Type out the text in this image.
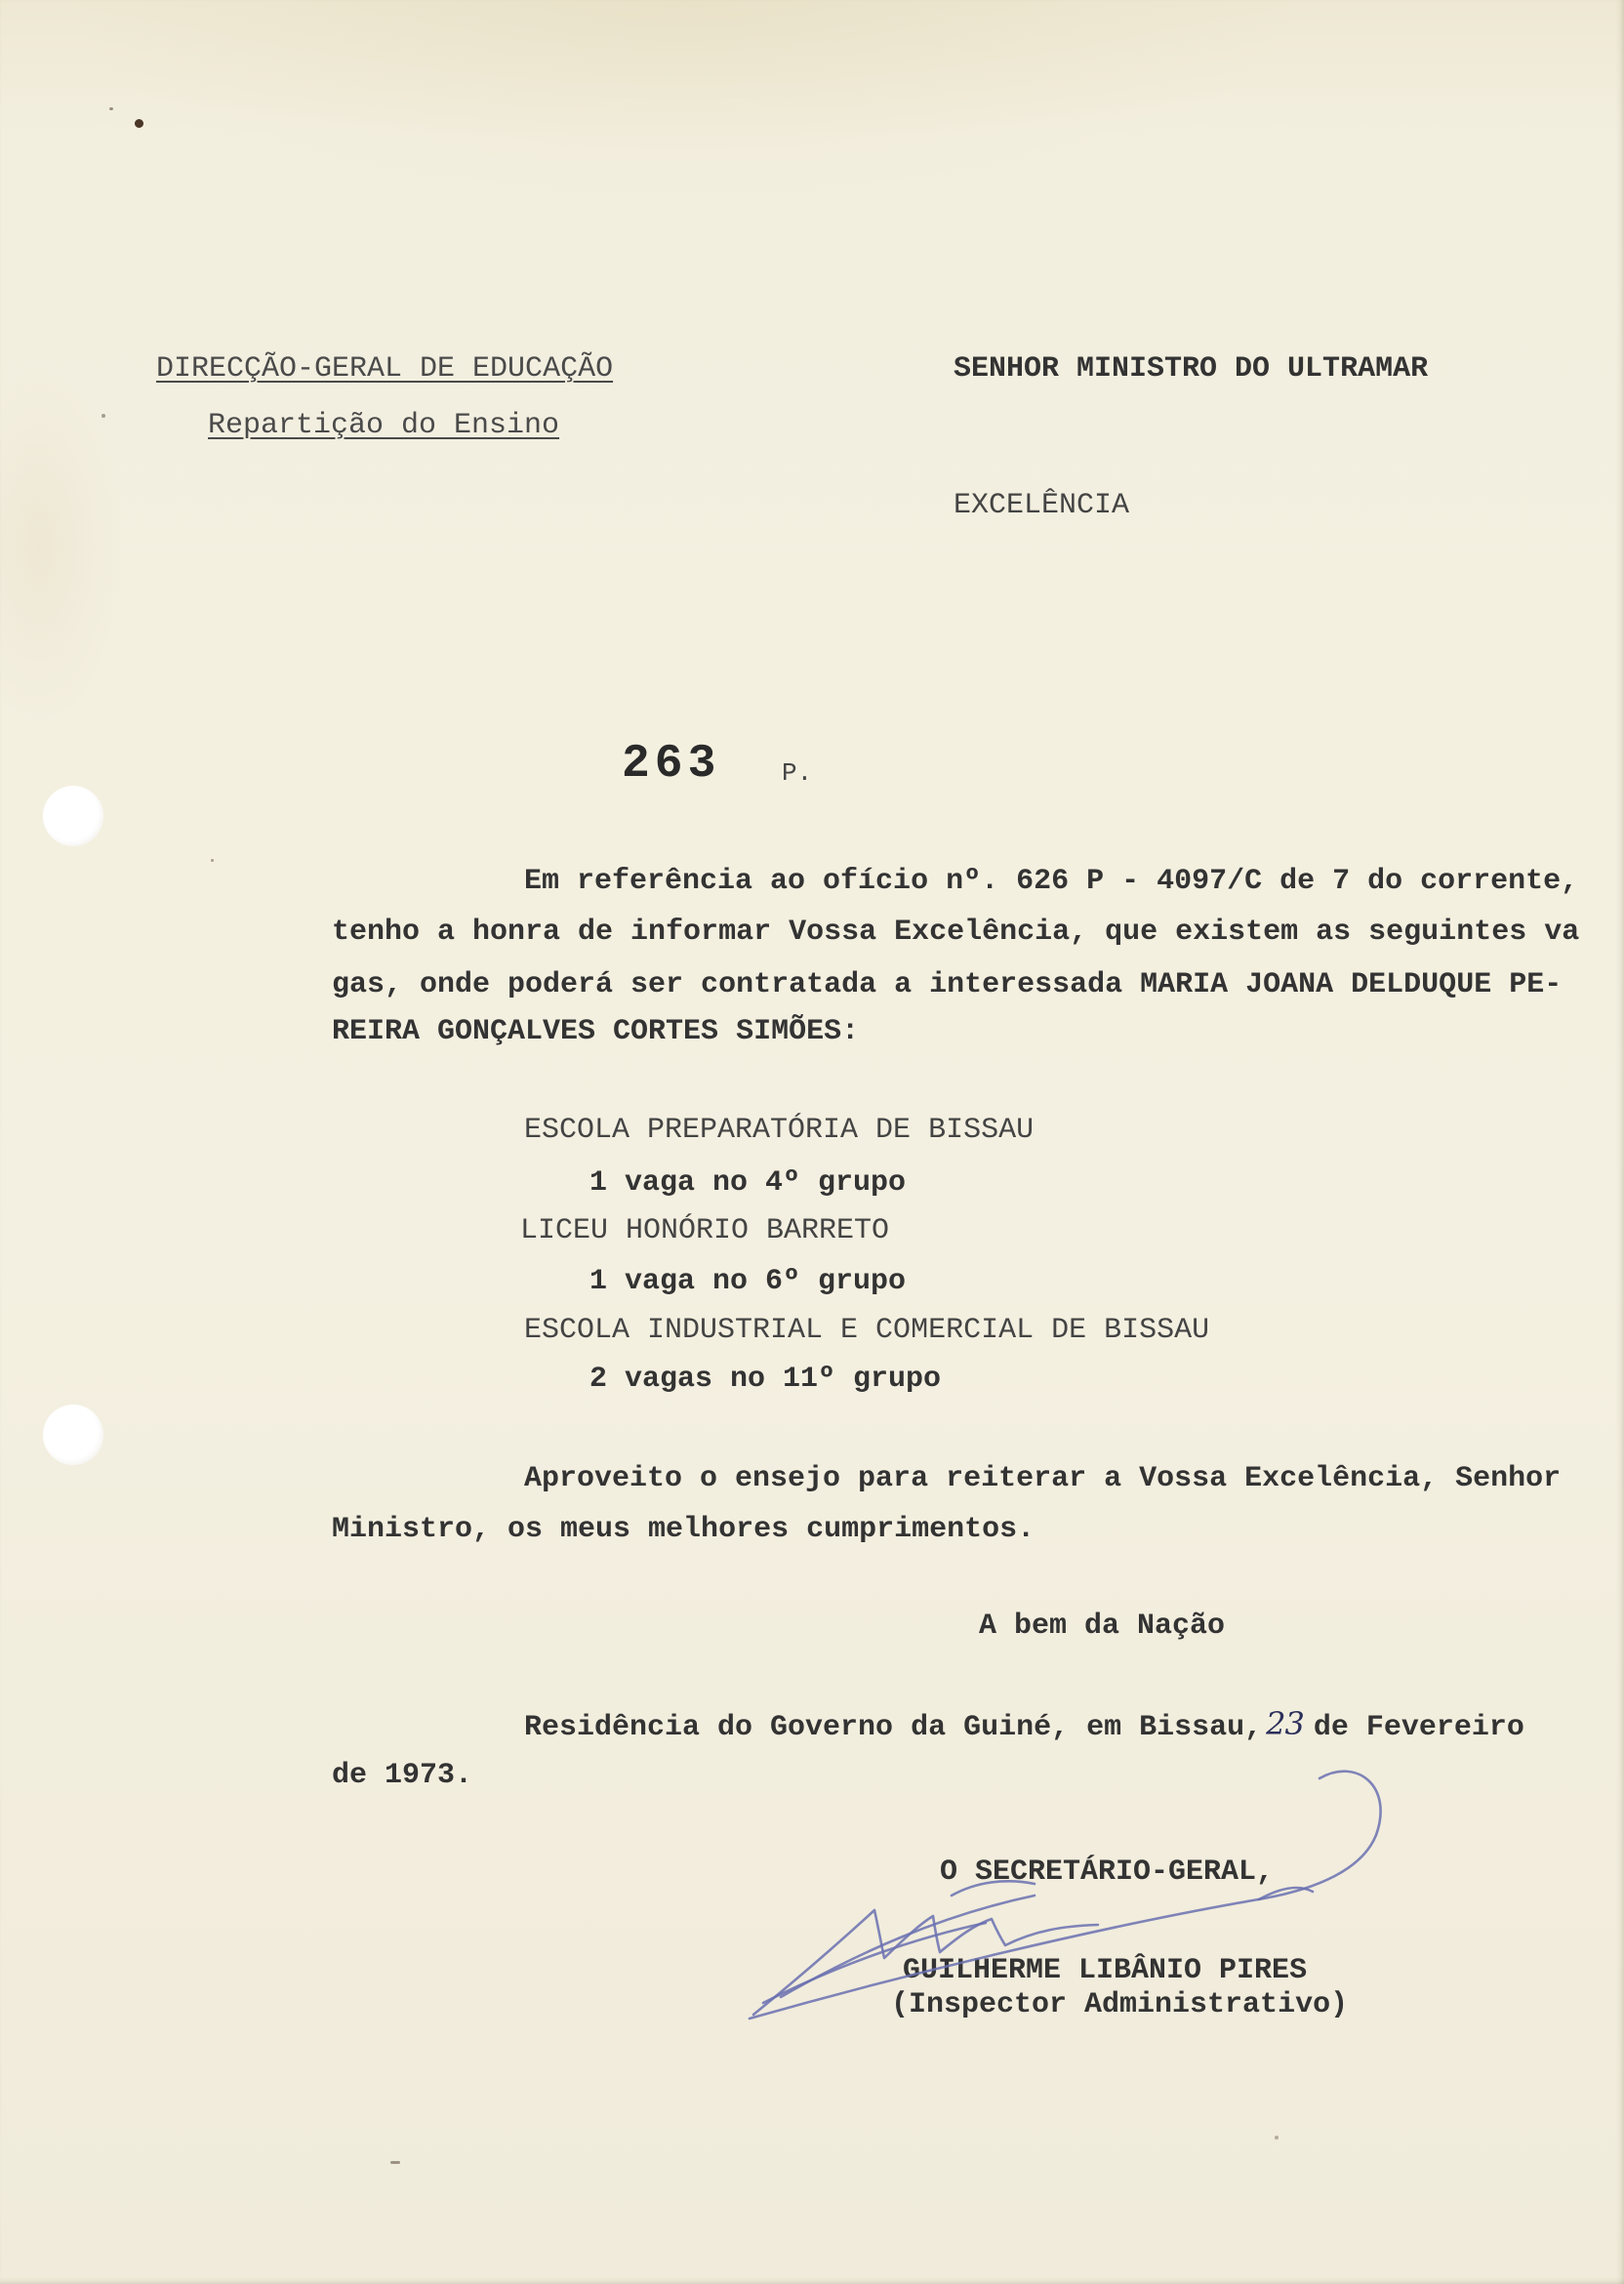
DIRECÇÃO-GERAL DE EDUCAÇÃO
Repartição do Ensino
SENHOR MINISTRO DO ULTRAMAR
EXCELÊNCIA
263 P.
Em referência ao ofício nº. 626 P - 4097/C de 7 do corrente,
tenho a honra de informar Vossa Excelência, que existem as seguintes va
gas, onde poderá ser contratada a interessada MARIA JOANA DELDUQUE PE-
REIRA GONÇALVES CORTES SIMÕES:
ESCOLA PREPARATÓRIA DE BISSAU
1 vaga no 4º grupo
LICEU HONÓRIO BARRETO
1 vaga no 6º grupo
ESCOLA INDUSTRIAL E COMERCIAL DE BISSAU
2 vagas no 11º grupo
Aproveito o ensejo para reiterar a Vossa Excelência, Senhor
Ministro, os meus melhores cumprimentos.
A bem da Nação
Residência do Governo da Guiné, em Bissau, 23 de Fevereiro
de 1973.
O SECRETÁRIO-GERAL,
GUILHERME LIBÂNIO PIRES
(Inspector Administrativo)
